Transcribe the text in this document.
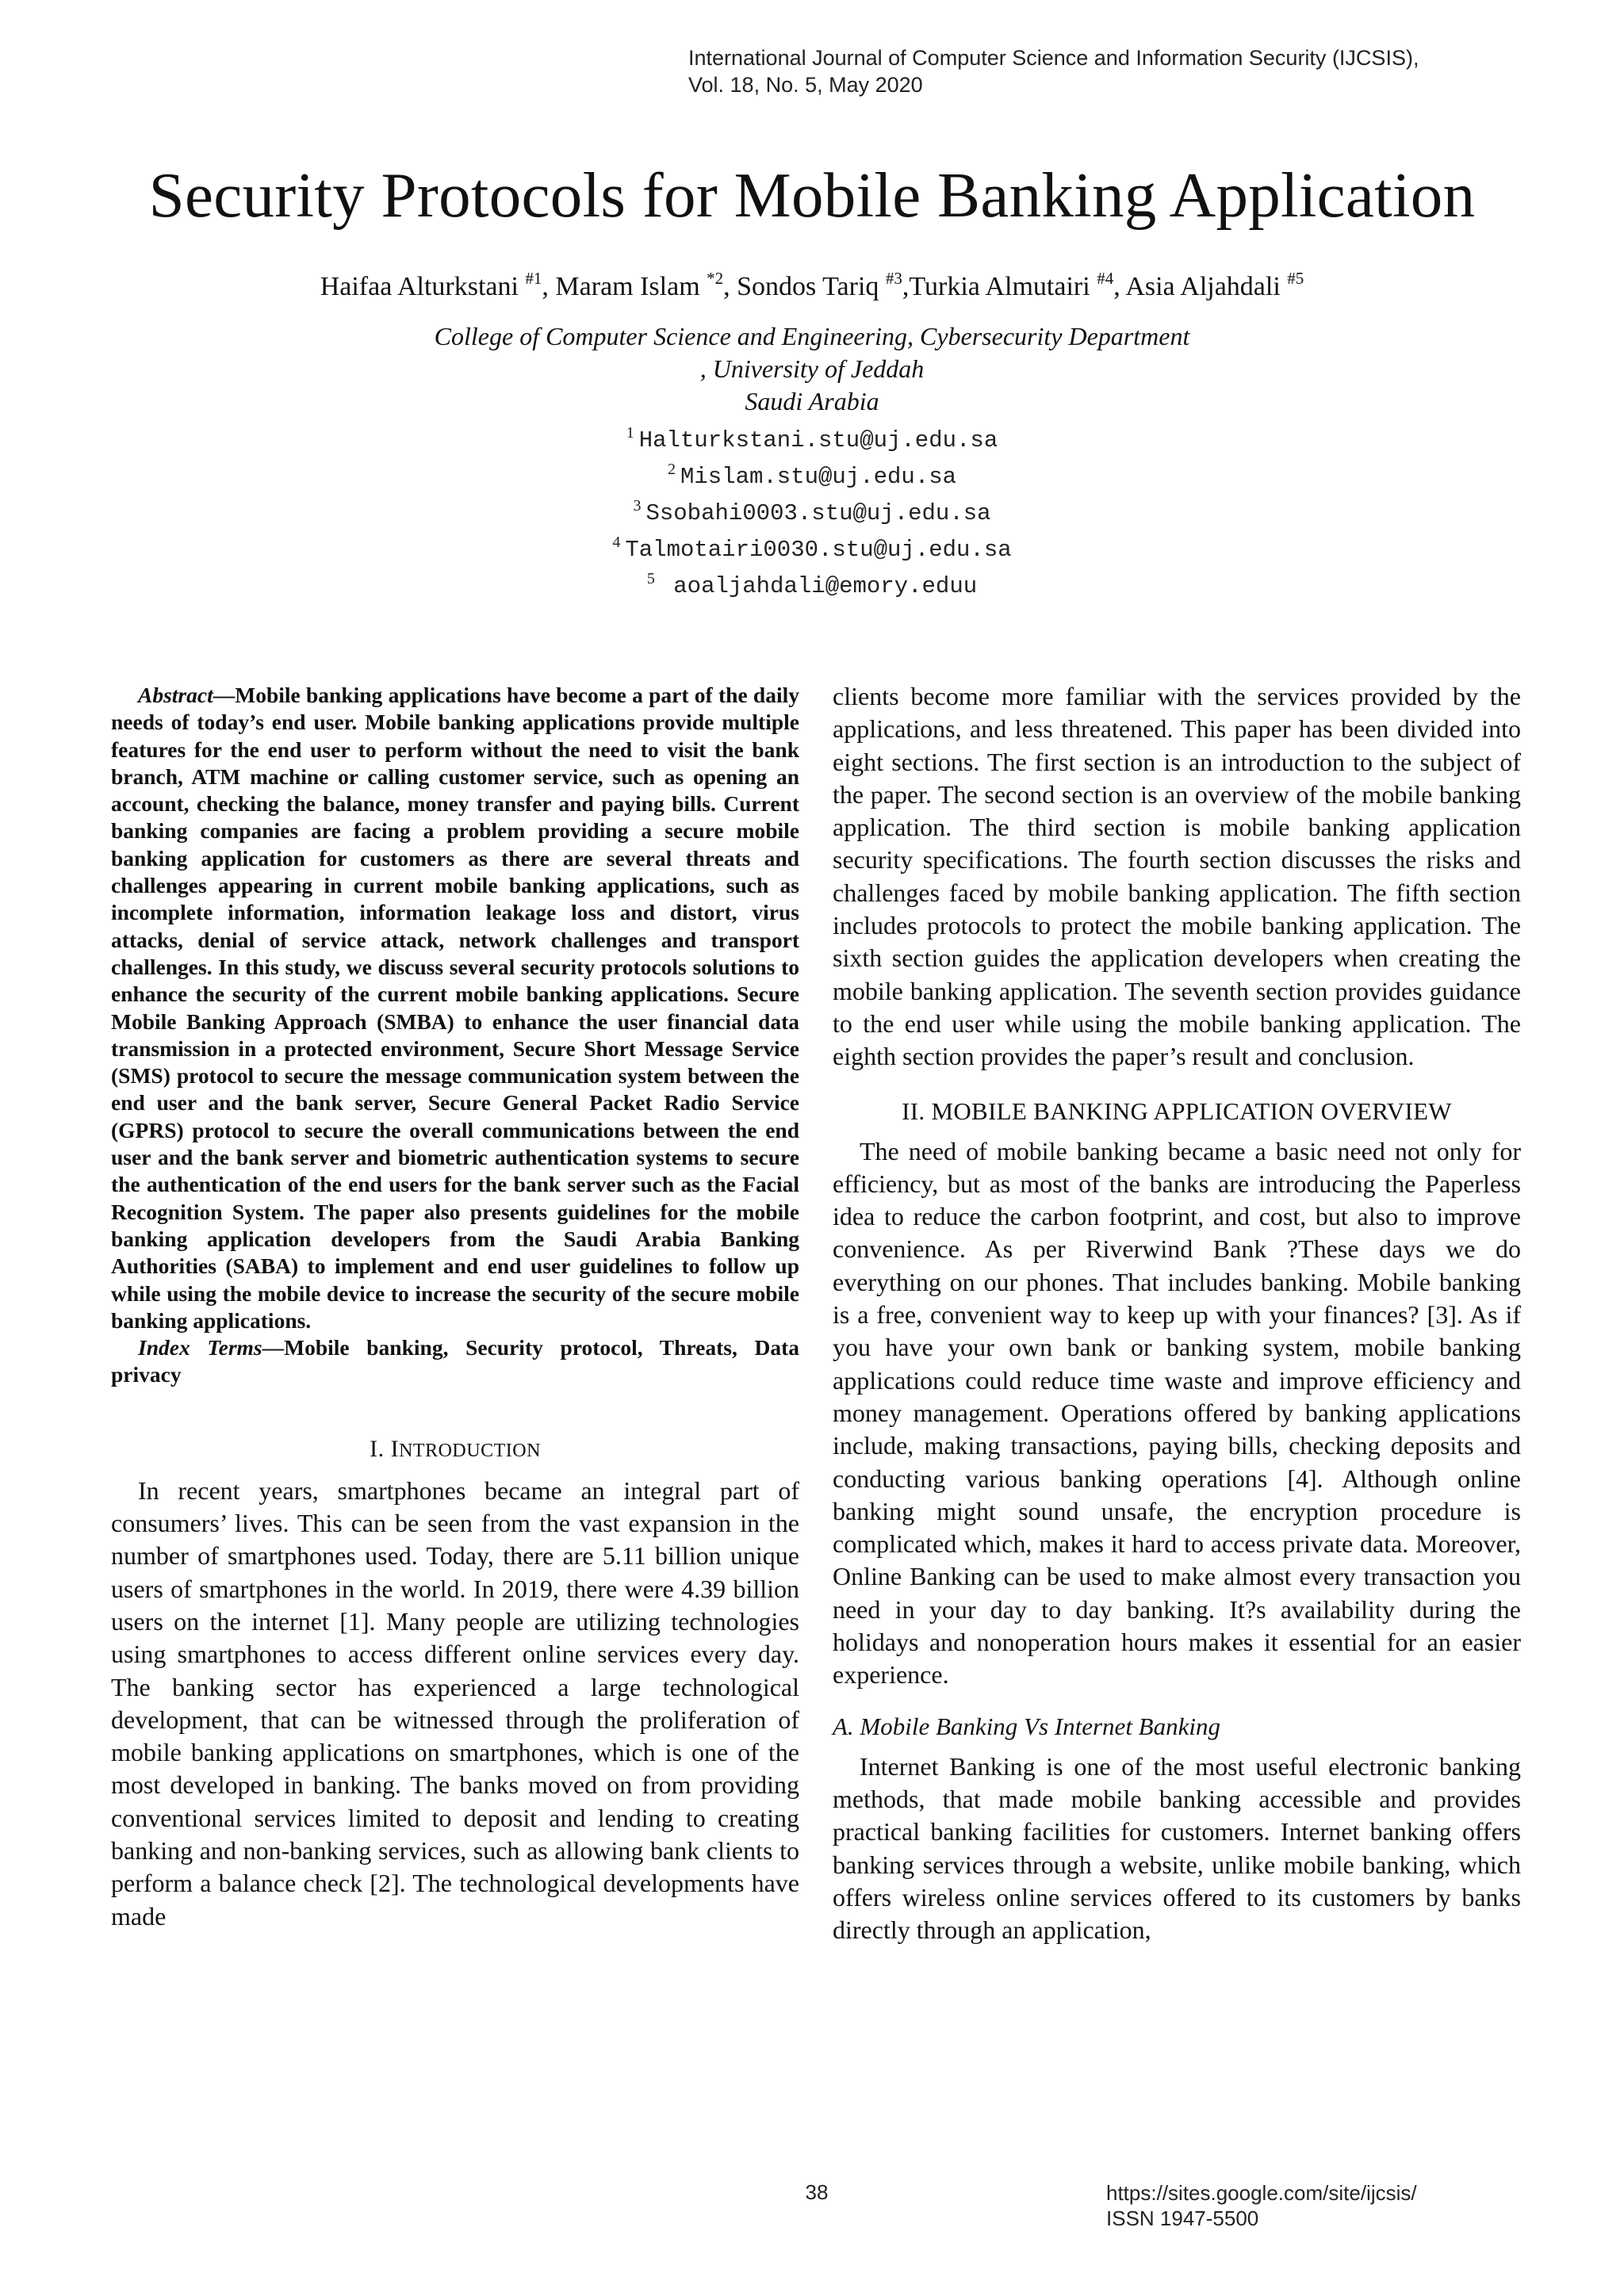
International Journal of Computer Science and Information Security (IJCSIS),
Vol. 18, No. 5, May 2020
Security Protocols for Mobile Banking Application
Haifaa Alturkstani $^{\#1}$, Maram Islam $^{*2}$, Sondos Tariq $^{\#3}$,Turkia Almutairi $^{\#4}$, Asia Aljahdali $^{\#5}$
College of Computer Science and Engineering, Cybersecurity Department
, University of Jeddah
Saudi Arabia
$^1$ Halturkstani.stu@uj.edu.sa
$^2$ Mislam.stu@uj.edu.sa
$^3$ Ssobahi0003.stu@uj.edu.sa
$^4$ Talmotairi0030.stu@uj.edu.sa
$^5$ aoaljahdali@emory.eduu

Abstract—Mobile banking applications have become a part of the daily needs of today’s end user. Mobile banking applications provide multiple features for the end user to perform without the need to visit the bank branch, ATM machine or calling customer service, such as opening an account, checking the balance, money transfer and paying bills. Current banking companies are facing a problem providing a secure mobile banking application for customers as there are several threats and challenges appearing in current mobile banking applications, such as incomplete information, information leakage loss and distort, virus attacks, denial of service attack, network challenges and transport challenges. In this study, we discuss several security protocols solutions to enhance the security of the current mobile banking applications. Secure Mobile Banking Approach (SMBA) to enhance the user financial data transmission in a protected environment, Secure Short Message Service (SMS) protocol to secure the message communication system between the end user and the bank server, Secure General Packet Radio Service (GPRS) protocol to secure the overall communications between the end user and the bank server and biometric authentication systems to secure the authentication of the end users for the bank server such as the Facial Recognition System. The paper also presents guidelines for the mobile banking application developers from the Saudi Arabia Banking Authorities (SABA) to implement and end user guidelines to follow up while using the mobile device to increase the security of the secure mobile banking applications.

Index Terms—Mobile banking, Security protocol, Threats, Data privacy

I. INTRODUCTION

In recent years, smartphones became an integral part of consumers’ lives. This can be seen from the vast expansion in the number of smartphones used. Today, there are 5.11 billion unique users of smartphones in the world. In 2019, there were 4.39 billion users on the internet [1]. Many people are utilizing technologies using smartphones to access different online services every day. The banking sector has experienced a large technological development, that can be witnessed through the proliferation of mobile banking applications on smartphones, which is one of the most developed in banking. The banks moved on from providing conventional services limited to deposit and lending to creating banking and non-banking services, such as allowing bank clients to perform a balance check [2]. The technological developments have made

clients become more familiar with the services provided by the applications, and less threatened. This paper has been divided into eight sections. The first section is an introduction to the subject of the paper. The second section is an overview of the mobile banking application. The third section is mobile banking application security specifications. The fourth section discusses the risks and challenges faced by mobile banking application. The fifth section includes protocols to protect the mobile banking application. The sixth section guides the application developers when creating the mobile banking application. The seventh section provides guidance to the end user while using the mobile banking application. The eighth section provides the paper’s result and conclusion.

II. MOBILE BANKING APPLICATION OVERVIEW

The need of mobile banking became a basic need not only for efficiency, but as most of the banks are introducing the Paperless idea to reduce the carbon footprint, and cost, but also to improve convenience. As per Riverwind Bank ?These days we do everything on our phones. That includes banking. Mobile banking is a free, convenient way to keep up with your finances? [3]. As if you have your own bank or banking system, mobile banking applications could reduce time waste and improve efficiency and money management. Operations offered by banking applications include, making transactions, paying bills, checking deposits and conducting various banking operations [4]. Although online banking might sound unsafe, the encryption procedure is complicated which, makes it hard to access private data. Moreover, Online Banking can be used to make almost every transaction you need in your day to day banking. It?s availability during the holidays and nonoperation hours makes it essential for an easier experience.

A. Mobile Banking Vs Internet Banking

Internet Banking is one of the most useful electronic banking methods, that made mobile banking accessible and provides practical banking facilities for customers. Internet banking offers banking services through a website, unlike mobile banking, which offers wireless online services offered to its customers by banks directly through an application,

38	https://sites.google.com/site/ijcsis/
ISSN 1947-5500
